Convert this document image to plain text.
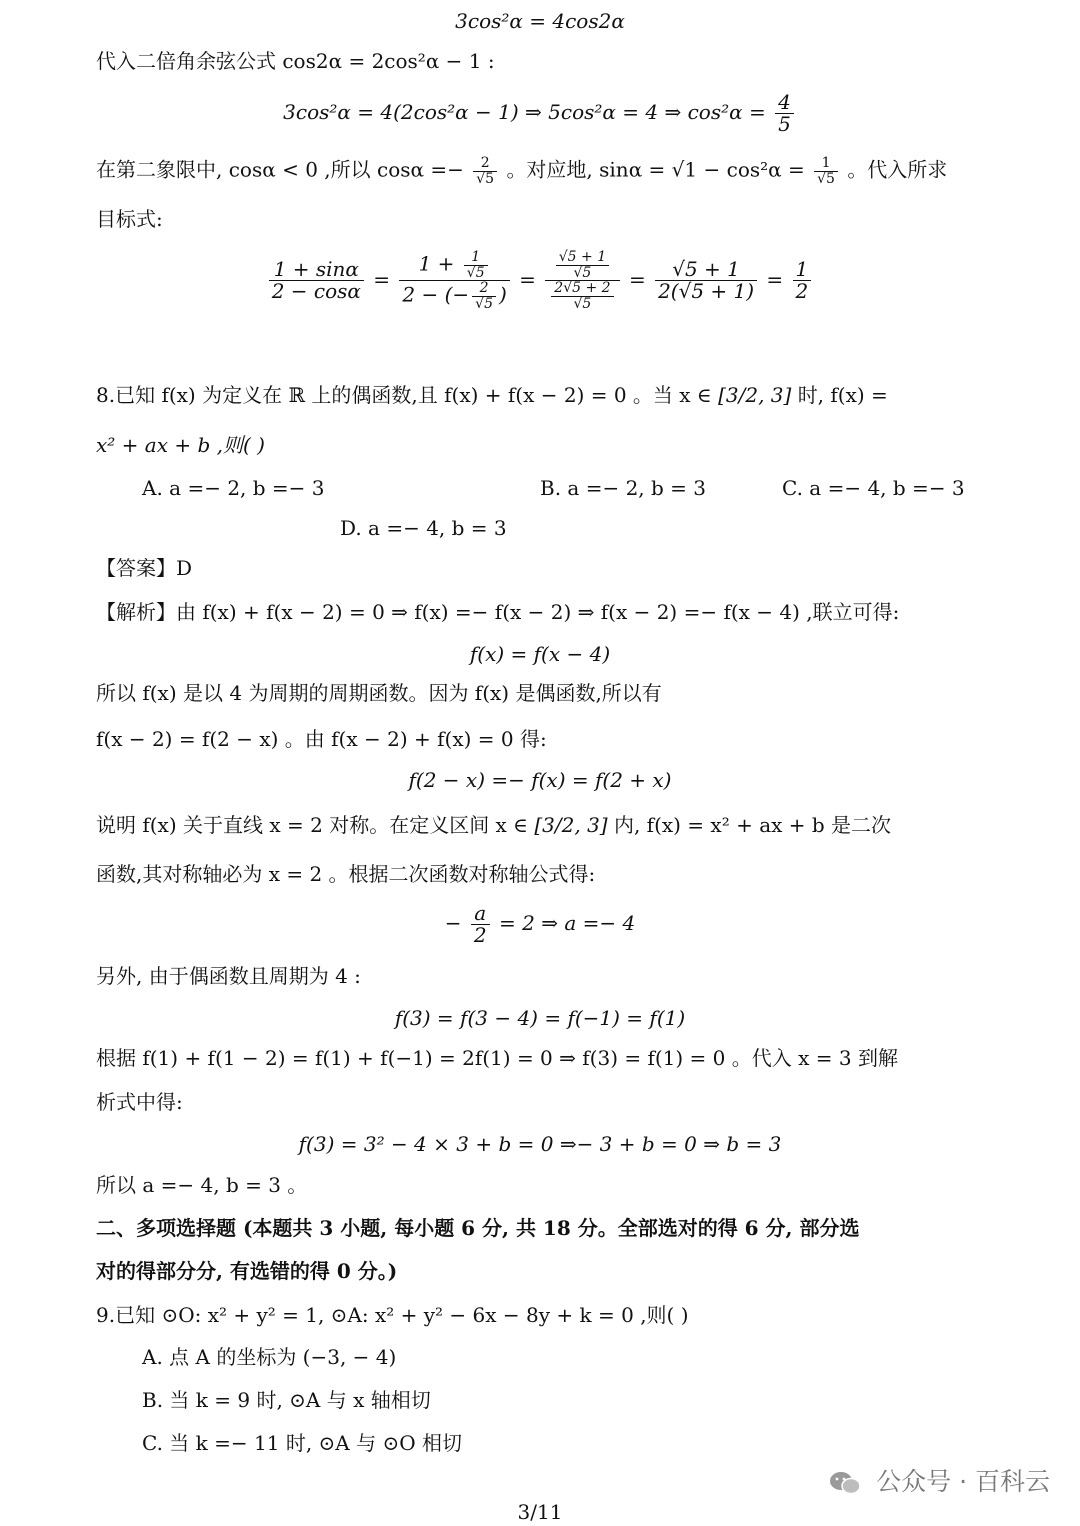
3cos²α = 4cos2α
代入二倍角余弦公式 cos2α = 2cos²α − 1 :
3cos²α = 4(2cos²α − 1) ⇒ 5cos²α = 4 ⇒ $\cos^2\alpha = \frac{4}{5}$
在第二象限中, cosα < 0 ,所以 $\cos\alpha =- \frac{2}{√5}$ 。对应地, $\sin\alpha = √1 - \cos^2\alpha = \frac{1}{√5}$ 。代入所求
目标式:
$\frac{1 + \sin\alpha}{2 - \cos\alpha} = \frac{1 + \frac{1}{√5}}{2 - (- \frac{2}{√5} )} = \frac{\frac{√5 + 1}{√5}}{\frac{2√5 + 2}{√5}} = \frac{√5 + 1}{2(√5 + 1)} = \frac{1}{2}$
8.已知 f(x) 为定义在 ℝ 上的偶函数,且 f(x) + f(x − 2) = 0 。当 x ∈ [3/2, 3] 时, f(x) =
x² + ax + b ,则( )
A. a =− 2, b =− 3	B. a =− 2, b = 3	C. a =− 4, b =− 3
D. a =− 4, b = 3
【答案】D
【解析】由 f(x) + f(x − 2) = 0 ⇒ f(x) =− f(x − 2) ⇒ f(x − 2) =− f(x − 4) ,联立可得:
f(x) = f(x − 4)
所以 f(x) 是以 4 为周期的周期函数。因为 f(x) 是偶函数,所以有
f(x − 2) = f(2 − x) 。由 f(x − 2) + f(x) = 0 得:
f(2 − x) =− f(x) = f(2 + x)
说明 f(x) 关于直线 x = 2 对称。在定义区间 x ∈ [3/2, 3] 内, f(x) = x² + ax + b 是二次
函数,其对称轴必为 x = 2 。根据二次函数对称轴公式得:
− $\frac{a}{2} = 2$ ⇒ a =− 4
另外, 由于偶函数且周期为 4 :
f(3) = f(3 − 4) = f(−1) = f(1)
根据 f(1) + f(1 − 2) = f(1) + f(−1) = 2f(1) = 0 ⇒ f(3) = f(1) = 0 。代入 x = 3 到解
析式中得:
f(3) = 3² − 4 × 3 + b = 0 ⇒− 3 + b = 0 ⇒ b = 3
所以 a =− 4, b = 3 。
二、多项选择题 (本题共 3 小题, 每小题 6 分, 共 18 分。全部选对的得 6 分, 部分选
对的得部分分, 有选错的得 0 分。)
9.已知 ⊙O: x² + y² = 1, ⊙A: x² + y² − 6x − 8y + k = 0 ,则( )
A. 点 A 的坐标为 (−3, − 4)
B. 当 k = 9 时, ⊙A 与 x 轴相切
C. 当 k =− 11 时, ⊙A 与 ⊙O 相切
公众号 · 百科云
3/11
